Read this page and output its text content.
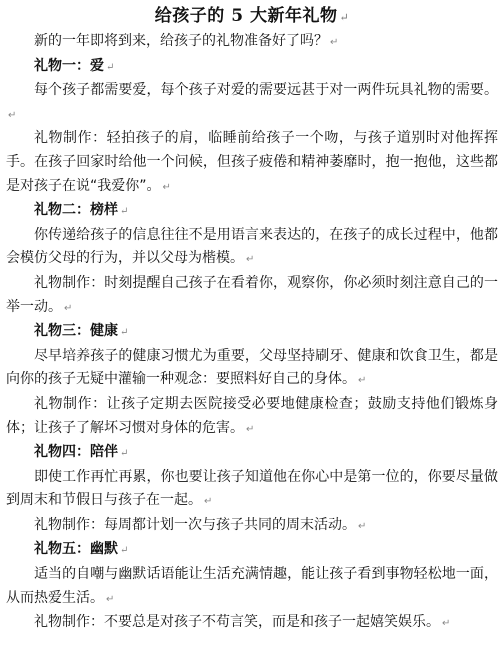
给孩子的 5 大新年礼物 ↵

新的一年即将到来，给孩子的礼物准备好了吗？ ↵

礼物一：爱 ↵

每个孩子都需要爱，每个孩子对爱的需要远甚于对一两件玩具礼物的需要。↵

礼物制作：轻拍孩子的肩，临睡前给孩子一个吻，与孩子道别时对他挥挥手。在孩子回家时给他一个问候，但孩子疲倦和精神萎靡时，抱一抱他，这些都是对孩子在说“我爱你”。 ↵

礼物二：榜样 ↵

你传递给孩子的信息往往不是用语言来表达的，在孩子的成长过程中，他都会模仿父母的行为，并以父母为楷模。 ↵

礼物制作：时刻提醒自己孩子在看着你，观察你，你必须时刻注意自己的一举一动。 ↵

礼物三：健康 ↵

尽早培养孩子的健康习惯尤为重要，父母坚持刷牙、健康和饮食卫生，都是向你的孩子无疑中灌输一种观念：要照料好自己的身体。 ↵

礼物制作：让孩子定期去医院接受必要地健康检查；鼓励支持他们锻炼身体；让孩子了解坏习惯对身体的危害。 ↵

礼物四：陪伴 ↵

即使工作再忙再累，你也要让孩子知道他在你心中是第一位的，你要尽量做到周末和节假日与孩子在一起。 ↵

礼物制作：每周都计划一次与孩子共同的周末活动。 ↵

礼物五：幽默 ↵

适当的自嘲与幽默话语能让生活充满情趣，能让孩子看到事物轻松地一面，从而热爱生活。 ↵

礼物制作：不要总是对孩子不苟言笑，而是和孩子一起嬉笑娱乐。 ↵
